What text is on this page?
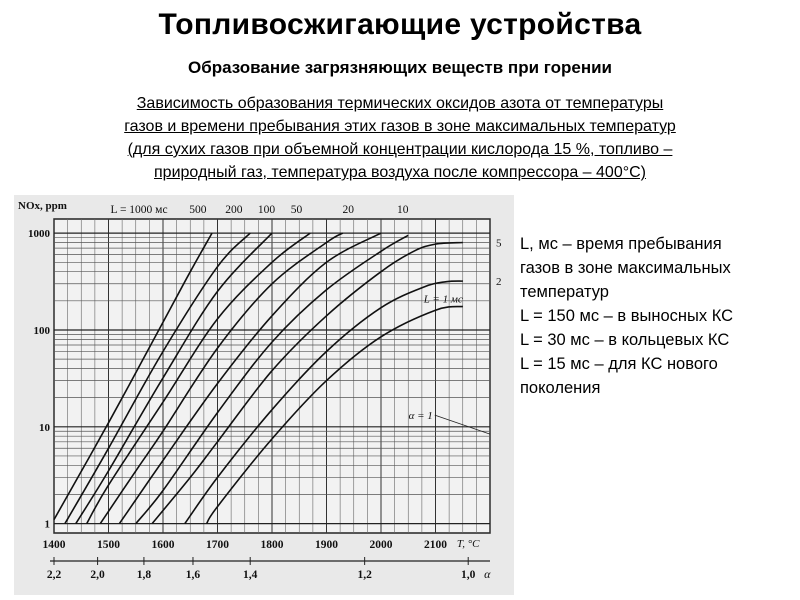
Топливосжигающие устройства
Образование загрязняющих веществ при горении
Зависимость образования термических оксидов азота от температуры
газов и времени пребывания этих газов в зоне максимальных температур
(для сухих газов при объемной концентрации кислорода 15 %, топливо –
природный газ, температура воздуха после компрессора – 400°C)
1
10
100
1000
NOx, ppm
1400	1500	1600	1700	1800	1900	2000	2100 T, °C
2,2	2,0	1,8	1,6	1,4	1,2	1,0 α
L = 1000 мс 500 200 100 50	20	10
5
2
L = 1 мс
α = 1
L, мс – время пребывания
газов в зоне максимальных
температур
L = 150 мс – в выносных КС
L = 30 мс – в кольцевых КС
L = 15 мс – для КС нового
поколения
